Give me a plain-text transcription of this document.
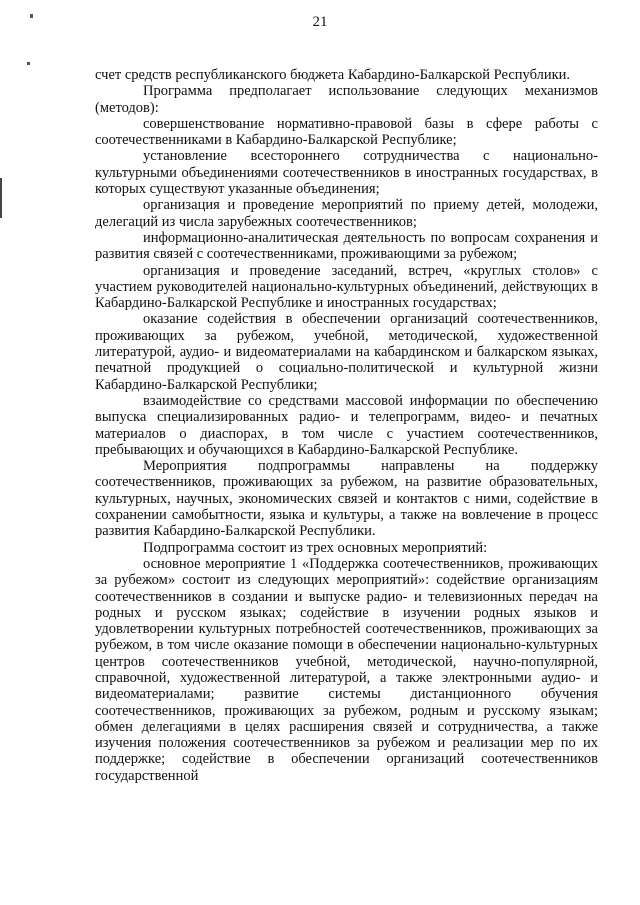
21

счет средств республиканского бюджета Кабардино-Балкарской Республики.

Программа предполагает использование следующих механизмов (методов):

совершенствование нормативно-правовой базы в сфере работы с соотечественниками в Кабардино-Балкарской Республике;

установление всестороннего сотрудничества с национально-культурными объединениями соотечественников в иностранных государствах, в которых существуют указанные объединения;

организация и проведение мероприятий по приему детей, молодежи, делегаций из числа зарубежных соотечественников;

информационно-аналитическая деятельность по вопросам сохранения и развития связей с соотечественниками, проживающими за рубежом;

организация и проведение заседаний, встреч, «круглых столов» с участием руководителей национально-культурных объединений, действующих в Кабардино-Балкарской Республике и иностранных государствах;

оказание содействия в обеспечении организаций соотечественников, проживающих за рубежом, учебной, методической, художественной литературой, аудио- и видеоматериалами на кабардинском и балкарском языках, печатной продукцией о социально-политической и культурной жизни Кабардино-Балкарской Республики;

взаимодействие со средствами массовой информации по обеспечению выпуска специализированных радио- и телепрограмм, видео- и печатных материалов о диаспорах, в том числе с участием соотечественников, пребывающих и обучающихся в Кабардино-Балкарской Республике.

Мероприятия подпрограммы направлены на поддержку соотечественников, проживающих за рубежом, на развитие образовательных, культурных, научных, экономических связей и контактов с ними, содействие в сохранении самобытности, языка и культуры, а также на вовлечение в процесс развития Кабардино-Балкарской Республики.

Подпрограмма состоит из трех основных мероприятий:

основное мероприятие 1 «Поддержка соотечественников, проживающих за рубежом» состоит из следующих мероприятий»: содействие организациям соотечественников в создании и выпуске радио- и телевизионных передач на родных и русском языках; содействие в изучении родных языков и удовлетворении культурных потребностей соотечественников, проживающих за рубежом, в том числе оказание помощи в обеспечении национально-культурных центров соотечественников учебной, методической, научно-популярной, справочной, художественной литературой, а также электронными аудио- и видеоматериалами; развитие системы дистанционного обучения соотечественников, проживающих за рубежом, родным и русскому языкам; обмен делегациями в целях расширения связей и сотрудничества, а также изучения положения соотечественников за рубежом и реализации мер по их поддержке; содействие в обеспечении организаций соотечественников государственной
